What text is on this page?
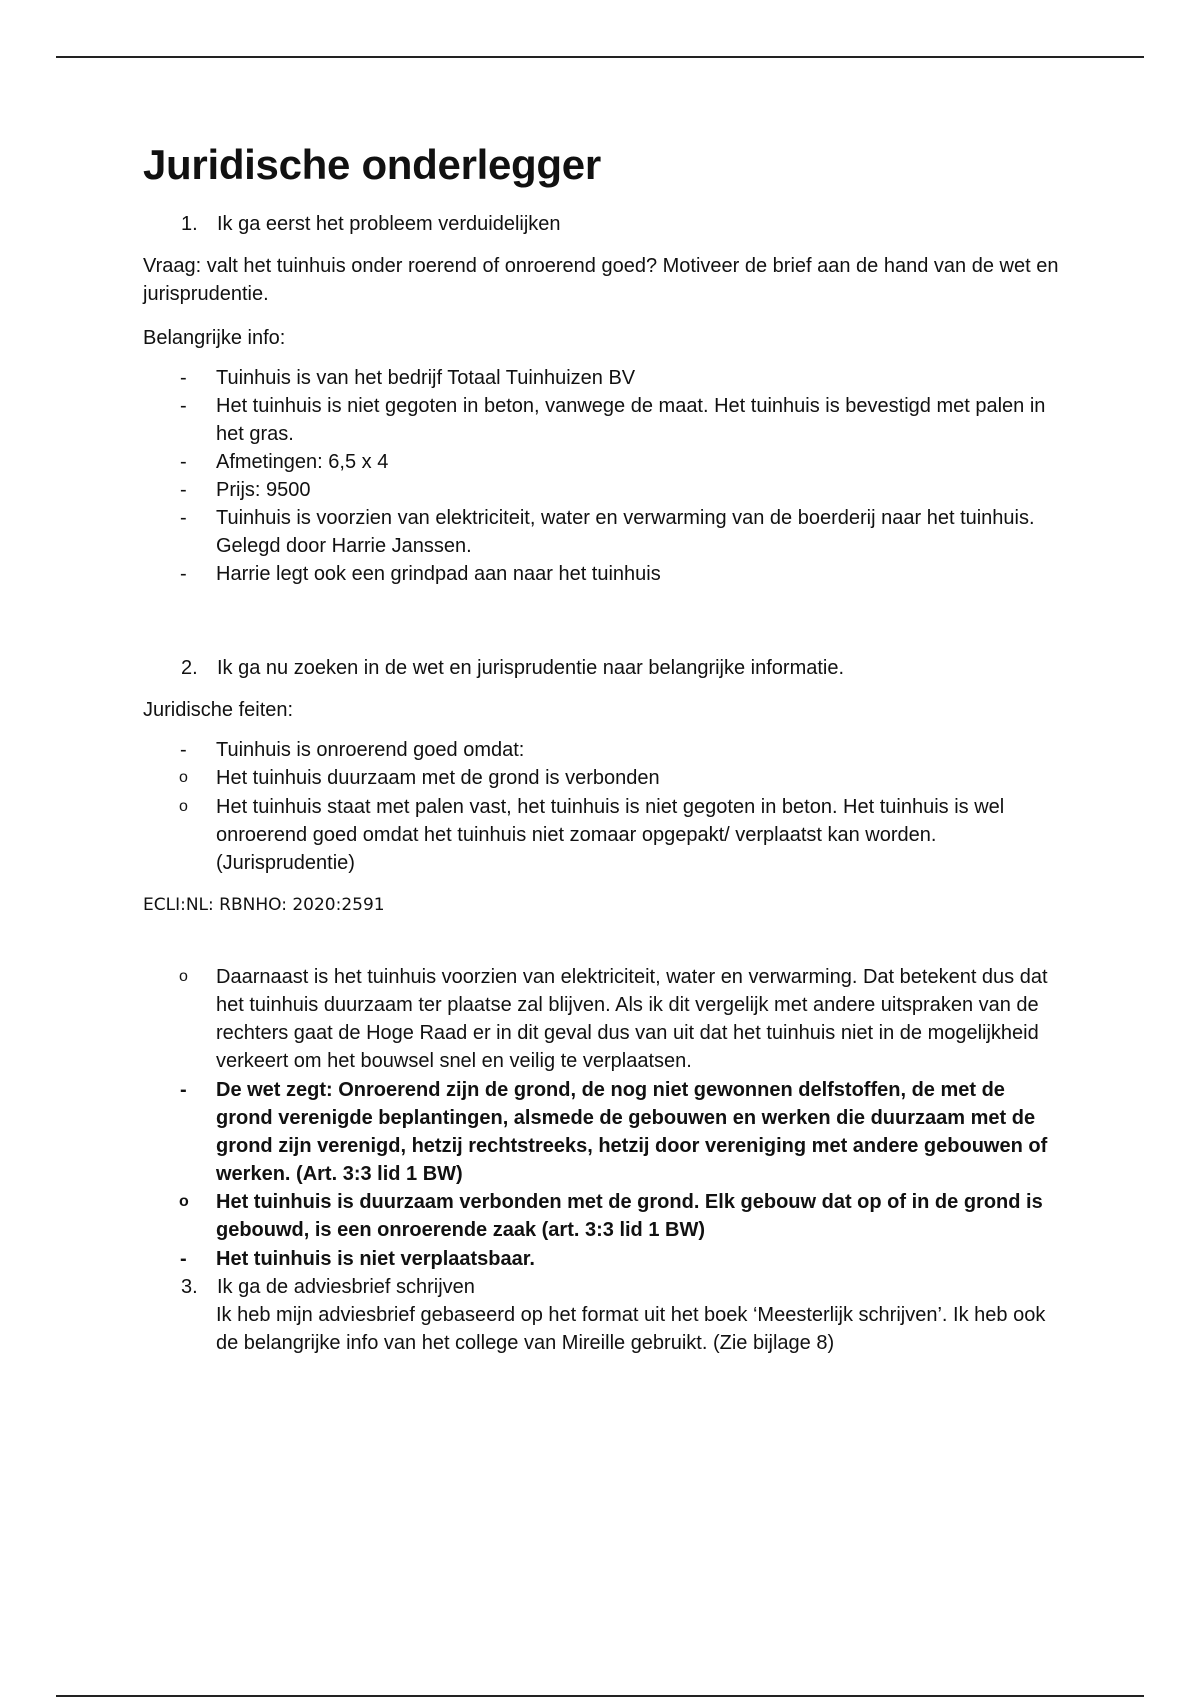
Juridische onderlegger
1. Ik ga eerst het probleem verduidelijken

Vraag: valt het tuinhuis onder roerend of onroerend goed? Motiveer de brief aan de hand van de wet en jurisprudentie.

Belangrijke info:

-	Tuinhuis is van het bedrijf Totaal Tuinhuizen BV
-	Het tuinhuis is niet gegoten in beton, vanwege de maat. Het tuinhuis is bevestigd met palen in het gras.
-	Afmetingen: 6,5 x 4
-	Prijs: 9500
-	Tuinhuis is voorzien van elektriciteit, water en verwarming van de boerderij naar het tuinhuis. Gelegd door Harrie Janssen.
-	Harrie legt ook een grindpad aan naar het tuinhuis
2. Ik ga nu zoeken in de wet en jurisprudentie naar belangrijke informatie.

Juridische feiten:

-	Tuinhuis is onroerend goed omdat:
o	Het tuinhuis duurzaam met de grond is verbonden
o	Het tuinhuis staat met palen vast, het tuinhuis is niet gegoten in beton. Het tuinhuis is wel onroerend goed omdat het tuinhuis niet zomaar opgepakt/ verplaatst kan worden. (Jurisprudentie)
ECLI:NL: RBNHO: 2020:2591
o	Daarnaast is het tuinhuis voorzien van elektriciteit, water en verwarming. Dat betekent dus dat het tuinhuis duurzaam ter plaatse zal blijven. Als ik dit vergelijk met andere uitspraken van de rechters gaat de Hoge Raad er in dit geval dus van uit dat het tuinhuis niet in de mogelijkheid verkeert om het bouwsel snel en veilig te verplaatsen.
-	De wet zegt: Onroerend zijn de grond, de nog niet gewonnen delfstoffen, de met de grond verenigde beplantingen, alsmede de gebouwen en werken die duurzaam met de grond zijn verenigd, hetzij rechtstreeks, hetzij door vereniging met andere gebouwen of werken. (Art. 3:3 lid 1 BW)
o	Het tuinhuis is duurzaam verbonden met de grond. Elk gebouw dat op of in de grond is gebouwd, is een onroerende zaak (art. 3:3 lid 1 BW)
-	Het tuinhuis is niet verplaatsbaar.
3. Ik ga de adviesbrief schrijven
Ik heb mijn adviesbrief gebaseerd op het format uit het boek ‘Meesterlijk schrijven’. Ik heb ook de belangrijke info van het college van Mireille gebruikt. (Zie bijlage 8)
